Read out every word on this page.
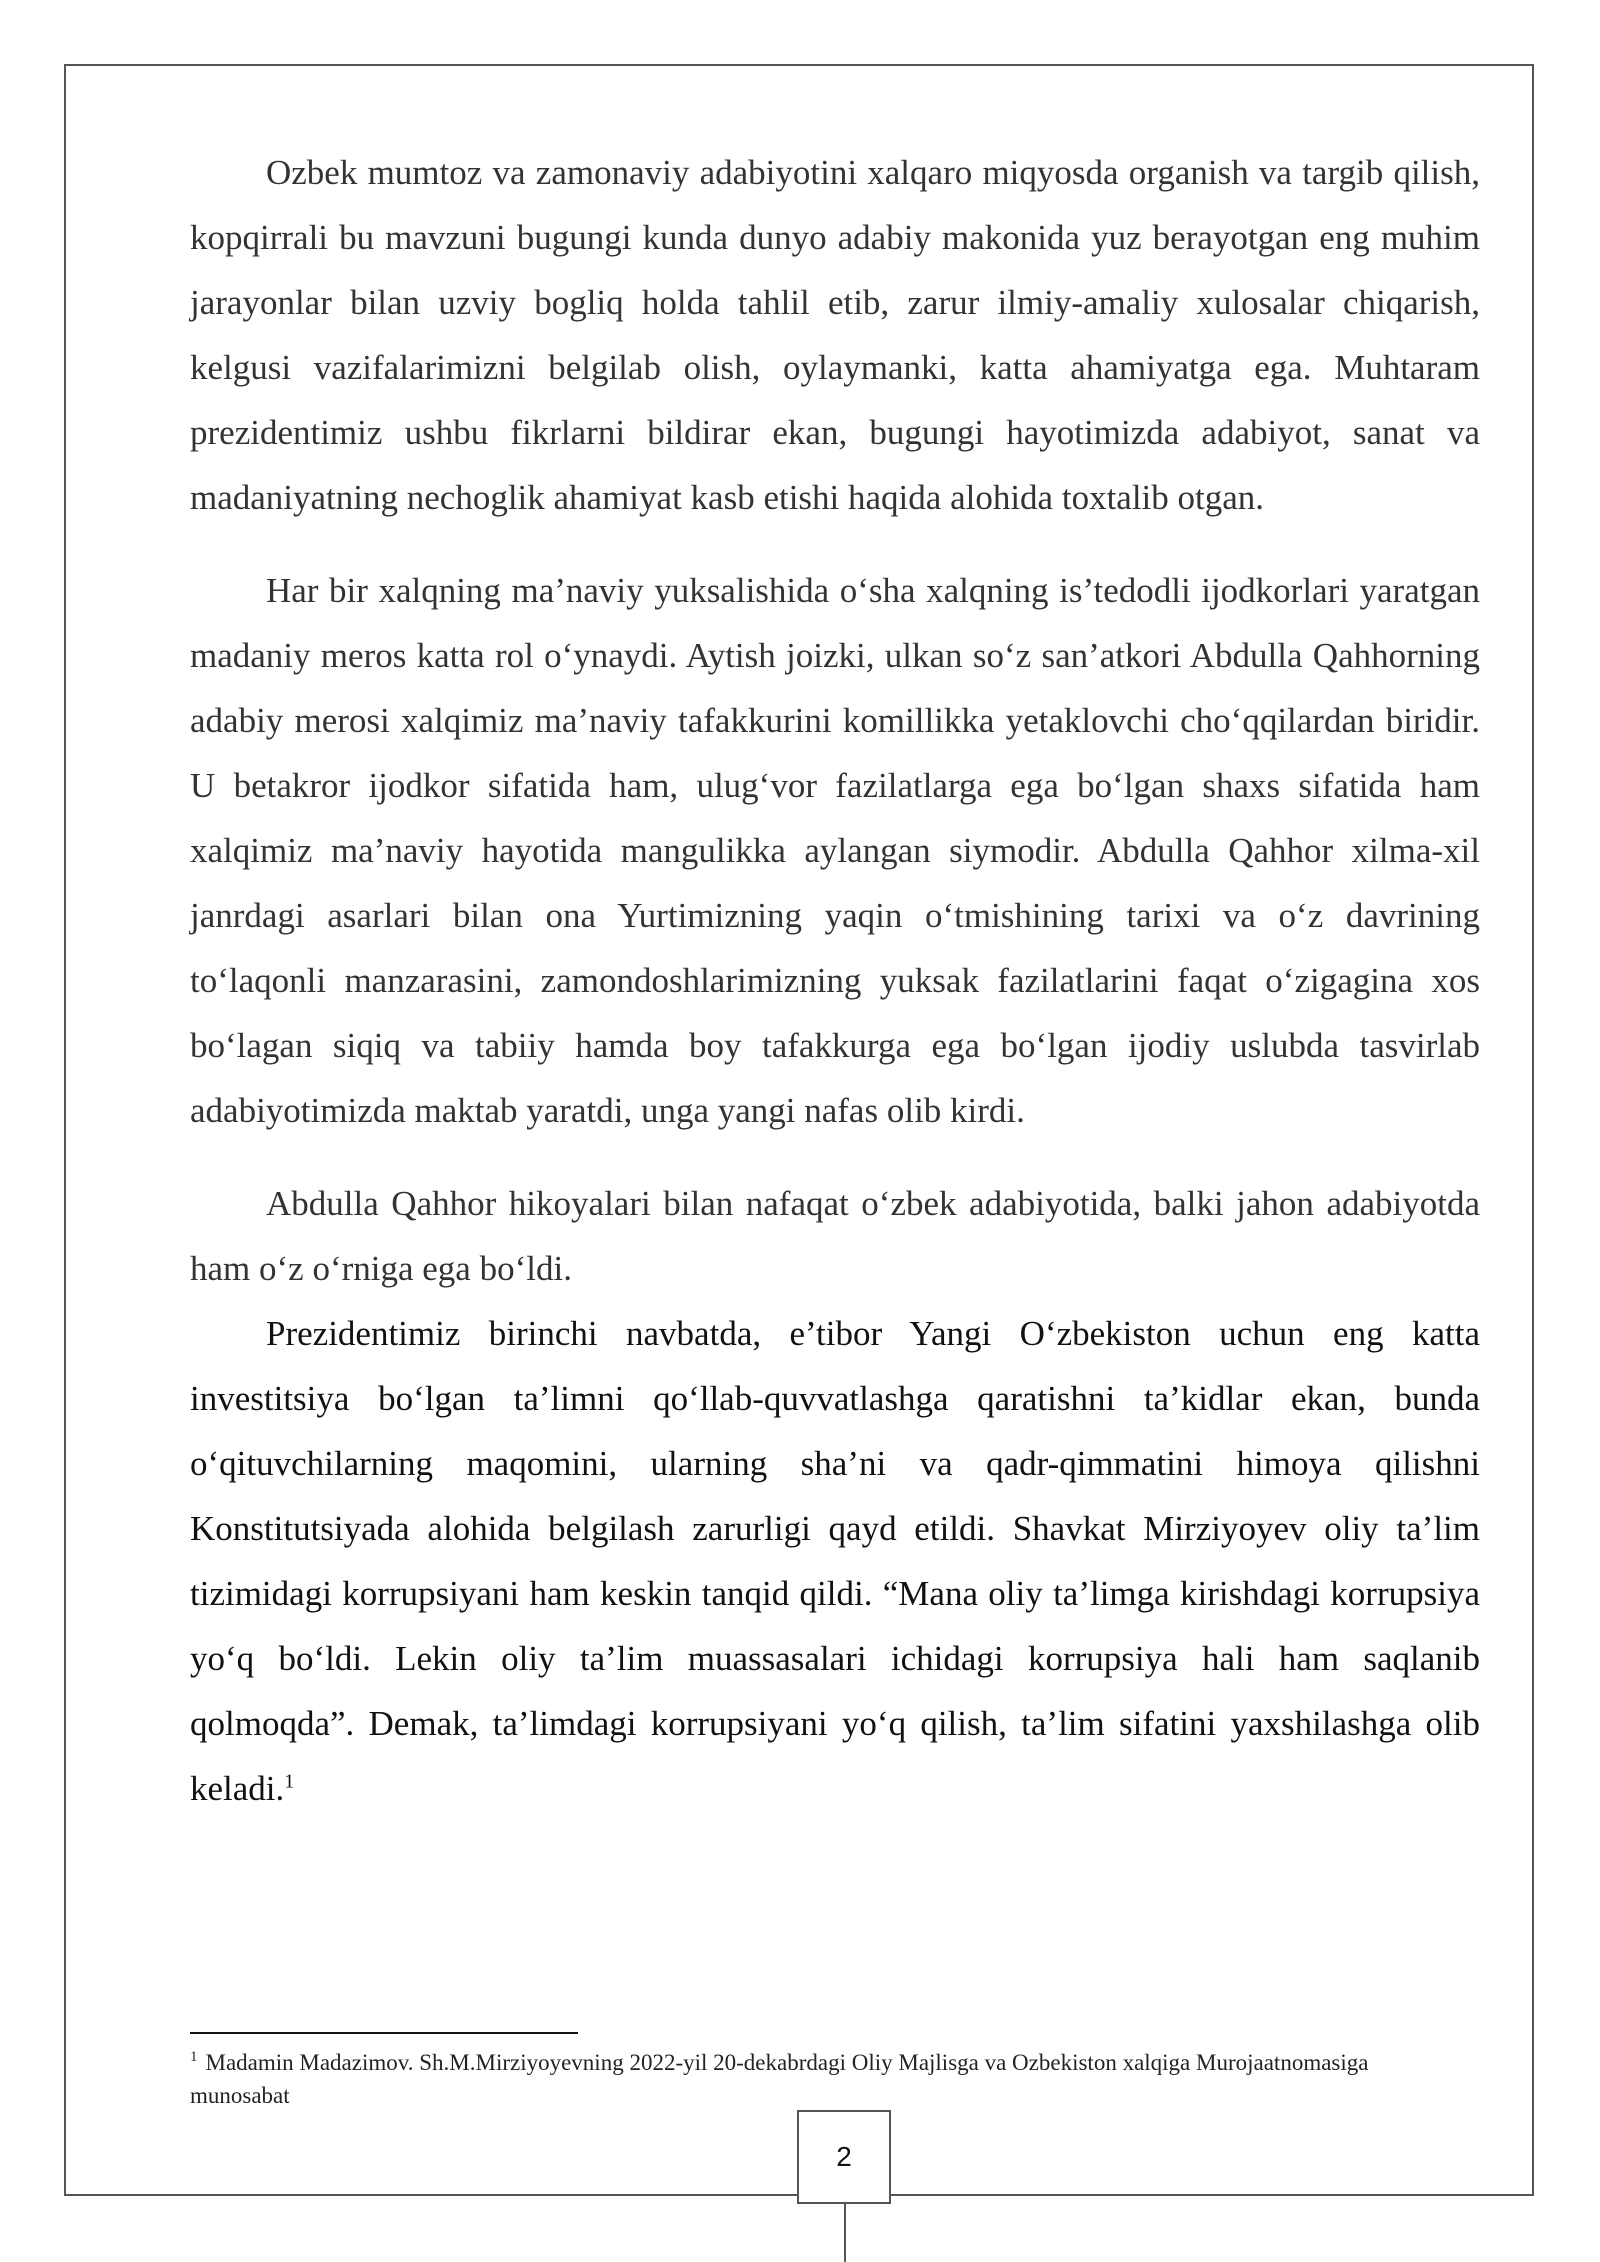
Ozbek mumtoz va zamonaviy adabiyotini xalqaro miqyosda organish va targib qilish, kopqirrali bu mavzuni bugungi kunda dunyo adabiy makonida yuz berayotgan eng muhim jarayonlar bilan uzviy bogliq holda tahlil etib, zarur ilmiy-amaliy xulosalar chiqarish, kelgusi vazifalarimizni belgilab olish, oylaymanki, katta ahamiyatga ega. Muhtaram prezidentimiz ushbu fikrlarni bildirar ekan, bugungi hayotimizda adabiyot, sanat va madaniyatning nechoglik ahamiyat kasb etishi haqida alohida toxtalib otgan.

Har bir xalqning ma’naviy yuksalishida o‘sha xalqning is’tedodli ijodkorlari yaratgan madaniy meros katta rol o‘ynaydi. Aytish joizki, ulkan so‘z san’atkori Abdulla Qahhorning adabiy merosi xalqimiz ma’naviy tafakkurini komillikka yetaklovchi cho‘qqilardan biridir. U betakror ijodkor sifatida ham, ulug‘vor fazilatlarga ega bo‘lgan shaxs sifatida ham xalqimiz ma’naviy hayotida mangulikka aylangan siymodir. Abdulla Qahhor xilma-xil janrdagi asarlari bilan ona Yurtimizning yaqin o‘tmishining tarixi va o‘z davrining to‘laqonli manzarasini, zamondoshlarimizning yuksak fazilatlarini faqat o‘zigagina xos bo‘lagan siqiq va tabiiy hamda boy tafakkurga ega bo‘lgan ijodiy uslubda tasvirlab adabiyotimizda maktab yaratdi, unga yangi nafas olib kirdi.

Abdulla Qahhor hikoyalari bilan nafaqat o‘zbek adabiyotida, balki jahon adabiyotda ham o‘z o‘rniga ega bo‘ldi.

Prezidentimiz birinchi navbatda, e’tibor Yangi O‘zbekiston uchun eng katta investitsiya bo‘lgan ta’limni qo‘llab-quvvatlashga qaratishni ta’kidlar ekan, bunda o‘qituvchilarning maqomini, ularning sha’ni va qadr-qimmatini himoya qilishni Konstitutsiyada alohida belgilash zarurligi qayd etildi. Shavkat Mirziyoyev oliy ta’lim tizimidagi korrupsiyani ham keskin tanqid qildi. “Mana oliy ta’limga kirishdagi korrupsiya yo‘q bo‘ldi. Lekin oliy ta’lim muassasalari ichidagi korrupsiya hali ham saqlanib qolmoqda”. Demak, ta’limdagi korrupsiyani yo‘q qilish, ta’lim sifatini yaxshilashga olib keladi.$^1$

$^1$ Madamin Madazimov. Sh.M.Mirziyoyevning 2022-yil 20-dekabrdagi Oliy Majlisga va Ozbekiston xalqiga Murojaatnomasiga munosabat
2
